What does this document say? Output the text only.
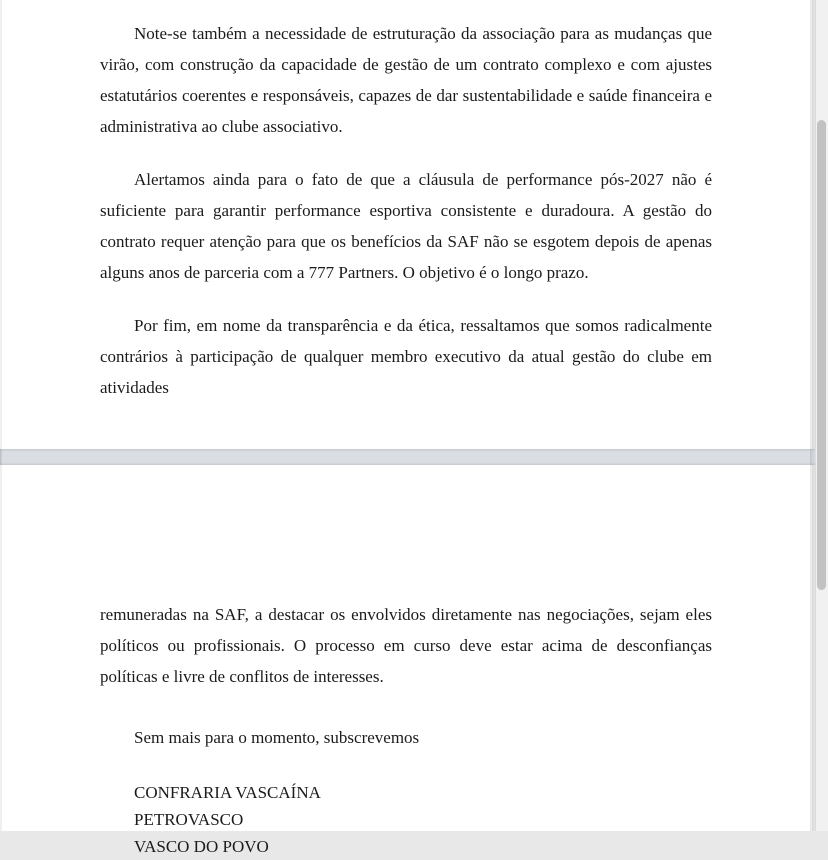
Note-se também a necessidade de estruturação da associação para as mudanças que virão, com construção da capacidade de gestão de um contrato complexo e com ajustes estatutários coerentes e responsáveis, capazes de dar sustentabilidade e saúde financeira e administrativa ao clube associativo.

Alertamos ainda para o fato de que a cláusula de performance pós-2027 não é suficiente para garantir performance esportiva consistente e duradoura. A gestão do contrato requer atenção para que os benefícios da SAF não se esgotem depois de apenas alguns anos de parceria com a 777 Partners. O objetivo é o longo prazo.

Por fim, em nome da transparência e da ética, ressaltamos que somos radicalmente contrários à participação de qualquer membro executivo da atual gestão do clube em atividades

remuneradas na SAF, a destacar os envolvidos diretamente nas negociações, sejam eles políticos ou profissionais. O processo em curso deve estar acima de desconfianças políticas e livre de conflitos de interesses.

Sem mais para o momento, subscrevemos

CONFRARIA VASCAÍNA
PETROVASCO
VASCO DO POVO
